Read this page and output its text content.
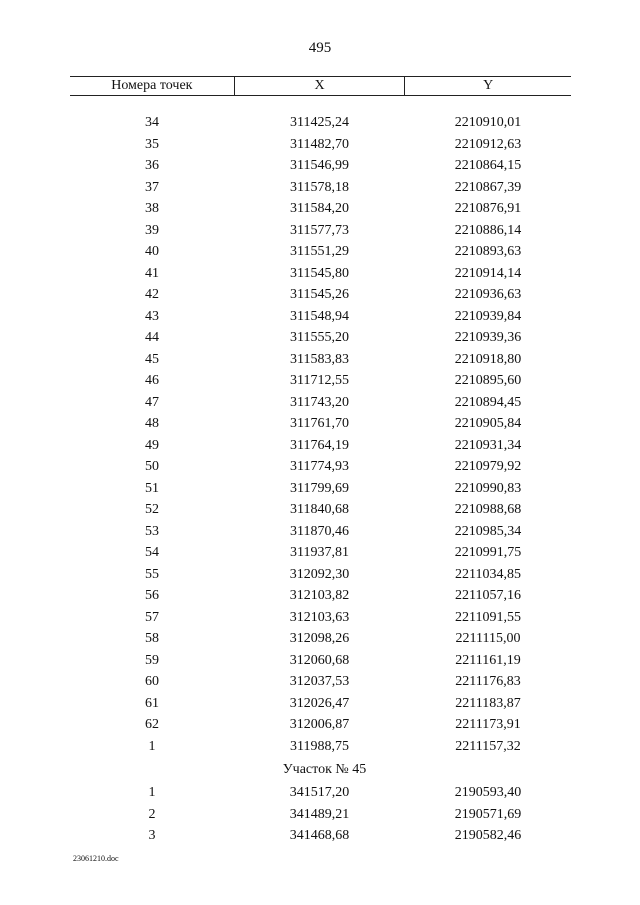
495
Номера точек	X	Y
34	311425,24	2210910,01
35	311482,70	2210912,63
36	311546,99	2210864,15
37	311578,18	2210867,39
38	311584,20	2210876,91
39	311577,73	2210886,14
40	311551,29	2210893,63
41	311545,80	2210914,14
42	311545,26	2210936,63
43	311548,94	2210939,84
44	311555,20	2210939,36
45	311583,83	2210918,80
46	311712,55	2210895,60
47	311743,20	2210894,45
48	311761,70	2210905,84
49	311764,19	2210931,34
50	311774,93	2210979,92
51	311799,69	2210990,83
52	311840,68	2210988,68
53	311870,46	2210985,34
54	311937,81	2210991,75
55	312092,30	2211034,85
56	312103,82	2211057,16
57	312103,63	2211091,55
58	312098,26	2211115,00
59	312060,68	2211161,19
60	312037,53	2211176,83
61	312026,47	2211183,87
62	312006,87	2211173,91
1	311988,75	2211157,32
Участок № 45
1	341517,20	2190593,40
2	341489,21	2190571,69
3	341468,68	2190582,46
23061210.doc
